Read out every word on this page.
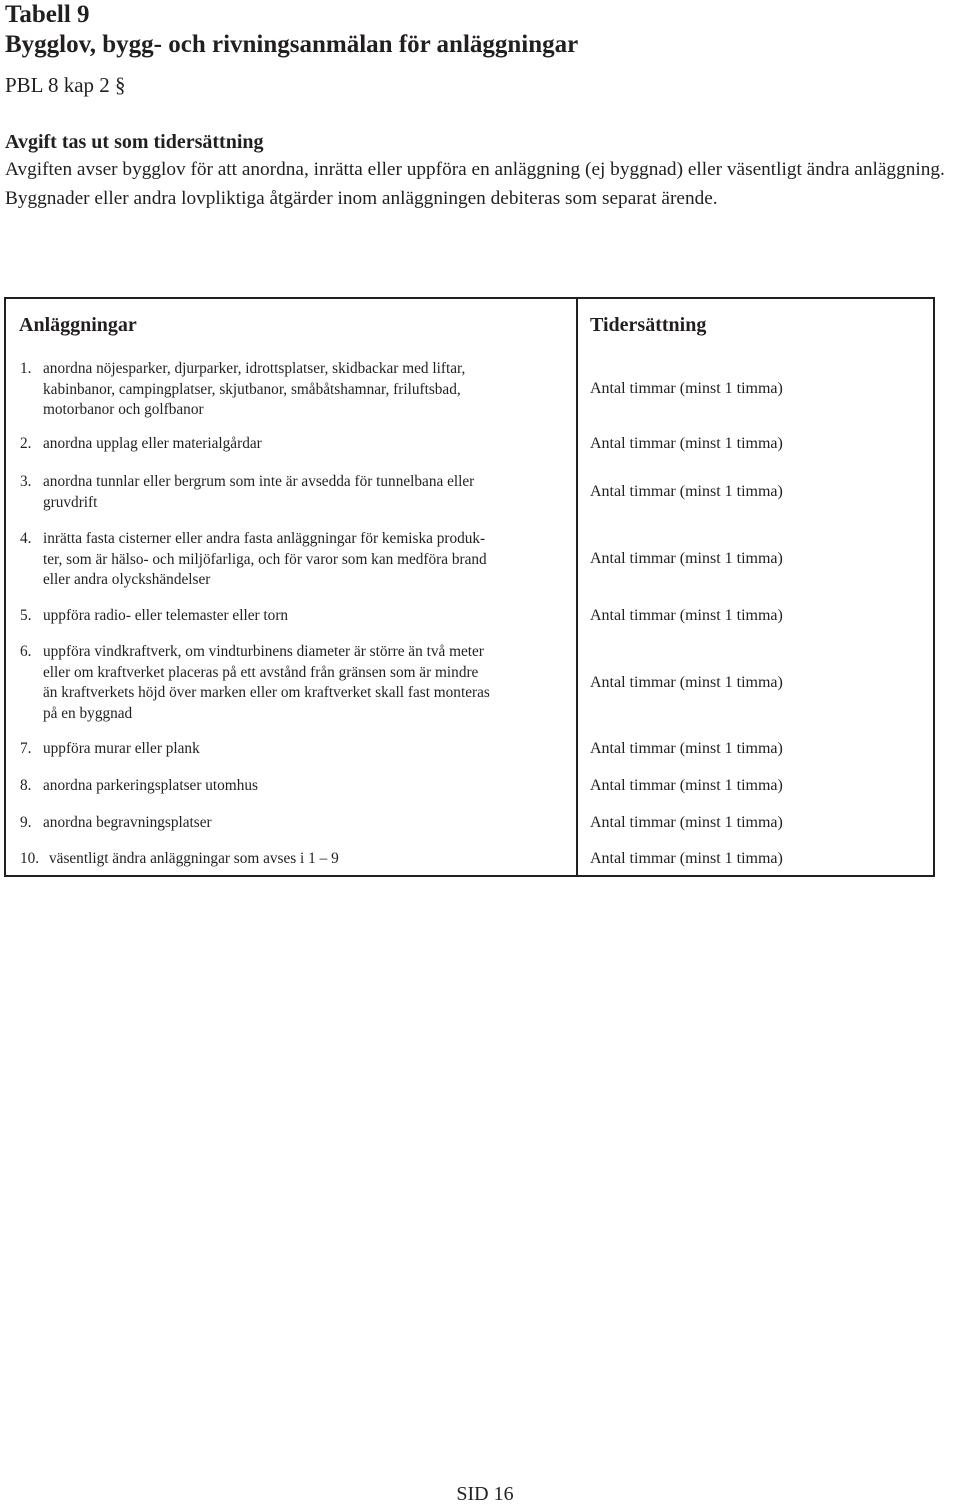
Tabell 9
Bygglov, bygg- och rivningsanmälan för anläggningar

PBL 8 kap 2 §

Avgift tas ut som tidersättning

Avgiften avser bygglov för att anordna, inrätta eller uppföra en anläggning (ej byggnad) eller väsentligt ändra anläggning. Byggnader eller andra lovpliktiga åtgärder inom anläggningen debiteras som separat ärende.

Anläggningar	Tidersättning
1. anordna nöjesparker, djurparker, idrottsplatser, skidbackar med liftar,
kabinbanor, campingplatser, skjutbanor, småbåtshamnar, friluftsbad,
motorbanor och golfbanor
Antal timmar (minst 1 timma)
2. anordna upplag eller materialgårdar	Antal timmar (minst 1 timma)
3. anordna tunnlar eller bergrum som inte är avsedda för tunnelbana eller
gruvdrift
Antal timmar (minst 1 timma)
4. inrätta fasta cisterner eller andra fasta anläggningar för kemiska produk-
ter, som är hälso- och miljöfarliga, och för varor som kan medföra brand
eller andra olyckshändelser
Antal timmar (minst 1 timma)
5. uppföra radio- eller telemaster eller torn	Antal timmar (minst 1 timma)
6. uppföra vindkraftverk, om vindturbinens diameter är större än två meter
eller om kraftverket placeras på ett avstånd från gränsen som är mindre
än kraftverkets höjd över marken eller om kraftverket skall fast monteras
på en byggnad
Antal timmar (minst 1 timma)
7. uppföra murar eller plank	Antal timmar (minst 1 timma)
8. anordna parkeringsplatser utomhus	Antal timmar (minst 1 timma)
9. anordna begravningsplatser	Antal timmar (minst 1 timma)
10. väsentligt ändra anläggningar som avses i 1 – 9	Antal timmar (minst 1 timma)
SID 16
